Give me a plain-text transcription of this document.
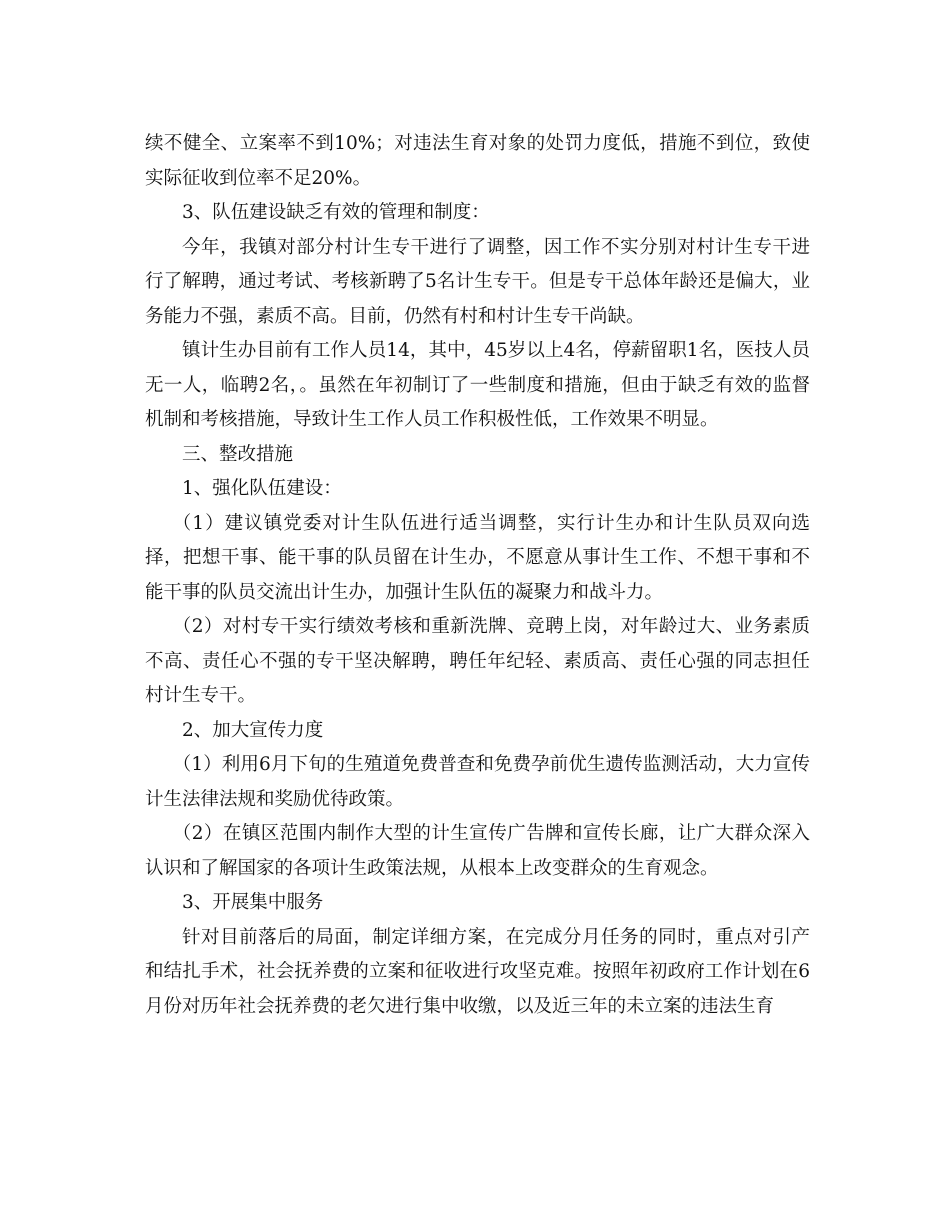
续不健全、立案率不到10%；对违法生育对象的处罚力度低，措施不到位，致使实际征收到位率不足20%。

3、队伍建设缺乏有效的管理和制度：

今年，我镇对部分村计生专干进行了调整，因工作不实分别对村计生专干进行了解聘，通过考试、考核新聘了5名计生专干。但是专干总体年龄还是偏大，业务能力不强，素质不高。目前，仍然有村和村计生专干尚缺。

镇计生办目前有工作人员14，其中，45岁以上4名，停薪留职1名，医技人员无一人，临聘2名，。虽然在年初制订了一些制度和措施，但由于缺乏有效的监督机制和考核措施，导致计生工作人员工作积极性低，工作效果不明显。

三、整改措施

1、强化队伍建设：

（1）建议镇党委对计生队伍进行适当调整，实行计生办和计生队员双向选择，把想干事、能干事的队员留在计生办，不愿意从事计生工作、不想干事和不能干事的队员交流出计生办，加强计生队伍的凝聚力和战斗力。

（2）对村专干实行绩效考核和重新洗牌、竞聘上岗，对年龄过大、业务素质不高、责任心不强的专干坚决解聘，聘任年纪轻、素质高、责任心强的同志担任村计生专干。

2、加大宣传力度

（1）利用6月下旬的生殖道免费普查和免费孕前优生遗传监测活动，大力宣传计生法律法规和奖励优待政策。

（2）在镇区范围内制作大型的计生宣传广告牌和宣传长廊，让广大群众深入认识和了解国家的各项计生政策法规，从根本上改变群众的生育观念。

3、开展集中服务

针对目前落后的局面，制定详细方案，在完成分月任务的同时，重点对引产和结扎手术，社会抚养费的立案和征收进行攻坚克难。按照年初政府工作计划在6月份对历年社会抚养费的老欠进行集中收缴，以及近三年的未立案的违法生育
